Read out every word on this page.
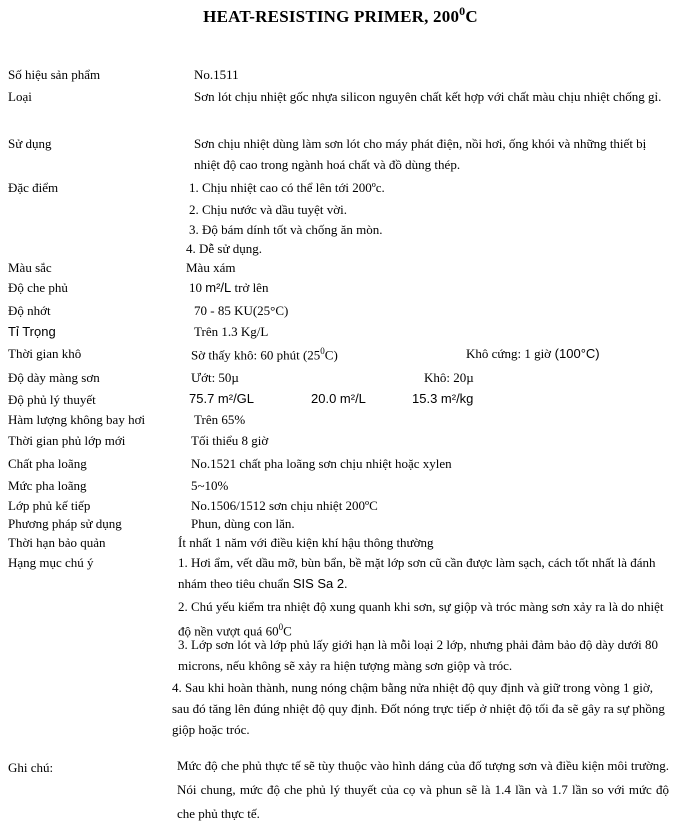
HEAT-RESISTING PRIMER, $200^0C$
Số hiệu sản phẩm	No.1511
Loại	Sơn lót chịu nhiệt gốc nhựa silicon nguyên chất kết hợp với chất màu chịu nhiệt chống gỉ.
Sử dụng	Sơn chịu nhiệt dùng làm sơn lót cho máy phát điện, nồi hơi, ống khói và những thiết bị nhiệt độ cao trong ngành hoá chất và đồ dùng thép.
Đặc điểm	1. Chịu nhiệt cao có thể lên tới 200ºc.
2. Chịu nước và dầu tuyệt vời.
3. Độ bám dính tốt và chống ăn mòn.
4. Dễ sử dụng.
Màu sắc	Màu xám
Độ che phủ	10 m²/L trở lên
Độ nhớt	70 - 85 KU(25°C)
Tỉ Trọng	Trên 1.3 Kg/L
Thời gian khô	Sờ thấy khô: 60 phút $(25^0C)$	Khô cứng: 1 giờ (100°C)
Độ dày màng sơn	Ướt: 50µ	Khô: 20µ
Độ phủ lý thuyết	75.7 m²/GL	20.0 m²/L	15.3 m²/kg
Hàm lượng không bay hơi	Trên 65%
Thời gian phủ lớp mới	Tối thiểu 8 giờ
Chất pha loãng	No.1521 chất pha loãng sơn chịu nhiệt hoặc xylen
Mức pha loãng	5~10%
Lớp phủ kế tiếp	No.1506/1512 sơn chịu nhiệt 200ºC
Phương pháp sử dụng	Phun, dùng con lăn.
Thời hạn bảo quản	Ít nhất 1 năm với điều kiện khí hậu thông thường
Hạng mục chú ý	1. Hơi ẩm, vết dầu mỡ, bùn bẩn, bề mặt lớp sơn cũ cần được làm sạch, cách tốt nhất là đánh nhám theo tiêu chuẩn SIS Sa 2.
2. Chú yếu kiểm tra nhiệt độ xung quanh khi sơn, sự giộp và tróc màng sơn xảy ra là do nhiệt độ nền vượt quá $60^0C$
3. Lớp sơn lót và lớp phủ lấy giới hạn là mỗi loại 2 lớp, nhưng phải đảm bảo độ dày dưới 80 microns, nếu không sẽ xảy ra hiện tượng màng sơn giộp và tróc.
4. Sau khi hoàn thành, nung nóng chậm bằng nửa nhiệt độ quy định và giữ trong vòng 1 giờ, sau đó tăng lên đúng nhiệt độ quy định. Đốt nóng trực tiếp ở nhiệt độ tối đa sẽ gây ra sự phồng giộp hoặc tróc.
Ghi chú:	Mức độ che phủ thực tế sẽ tùy thuộc vào hình dáng của đố tượng sơn và điều kiện môi trường. Nói chung, mức độ che phủ lý thuyết của cọ và phun sẽ là 1.4 lần và 1.7 lần so với mức độ che phủ thực tế.
